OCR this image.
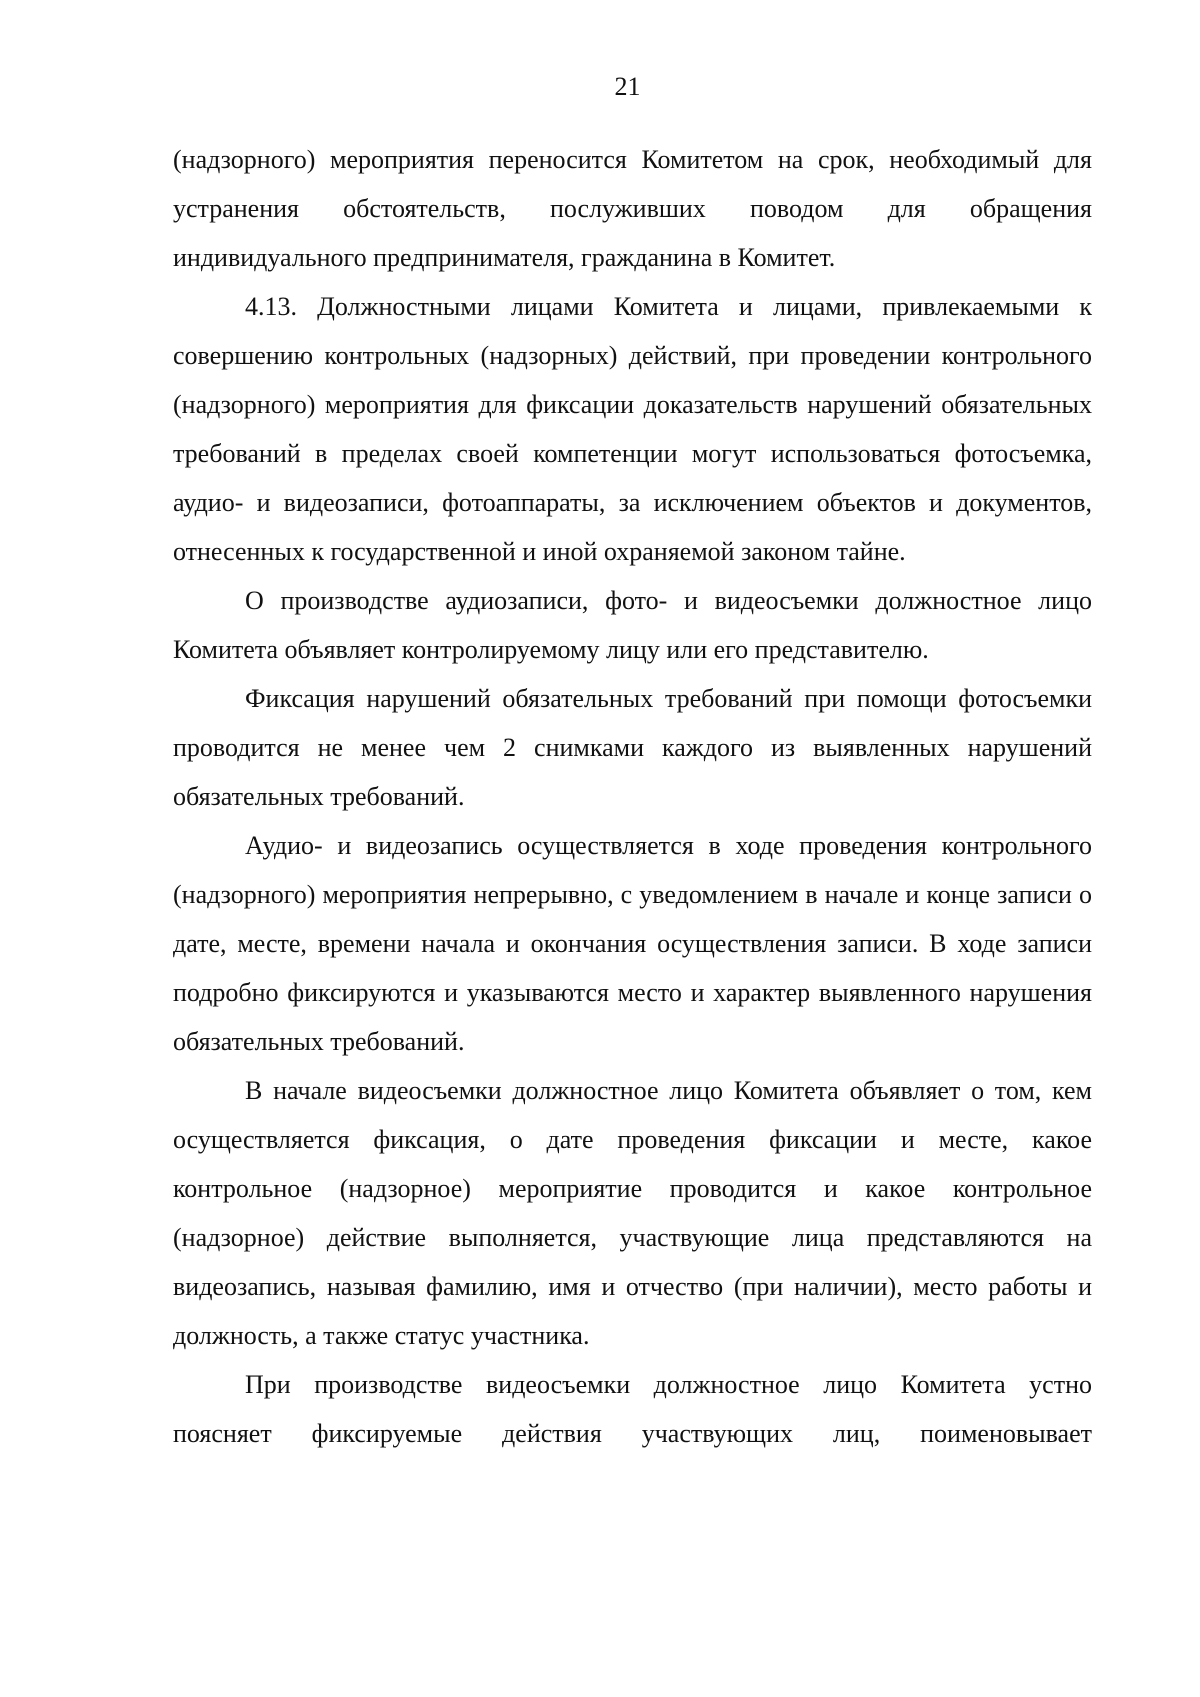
21

(надзорного) мероприятия переносится Комитетом на срок, необходимый для устранения обстоятельств, послуживших поводом для обращения индивидуального предпринимателя, гражданина в Комитет.

4.13. Должностными лицами Комитета и лицами, привлекаемыми к совершению контрольных (надзорных) действий, при проведении контрольного (надзорного) мероприятия для фиксации доказательств нарушений обязательных требований в пределах своей компетенции могут использоваться фотосъемка, аудио- и видеозаписи, фотоаппараты, за исключением объектов и документов, отнесенных к государственной и иной охраняемой законом тайне.

О производстве аудиозаписи, фото- и видеосъемки должностное лицо Комитета объявляет контролируемому лицу или его представителю.

Фиксация нарушений обязательных требований при помощи фотосъемки проводится не менее чем 2 снимками каждого из выявленных нарушений обязательных требований.

Аудио- и видеозапись осуществляется в ходе проведения контрольного (надзорного) мероприятия непрерывно, с уведомлением в начале и конце записи о дате, месте, времени начала и окончания осуществления записи. В ходе записи подробно фиксируются и указываются место и характер выявленного нарушения обязательных требований.

В начале видеосъемки должностное лицо Комитета объявляет о том, кем осуществляется фиксация, о дате проведения фиксации и месте, какое контрольное (надзорное) мероприятие проводится и какое контрольное (надзорное) действие выполняется, участвующие лица представляются на видеозапись, называя фамилию, имя и отчество (при наличии), место работы и должность, а также статус участника.

При производстве видеосъемки должностное лицо Комитета устно поясняет фиксируемые действия участвующих лиц, поименовывает
